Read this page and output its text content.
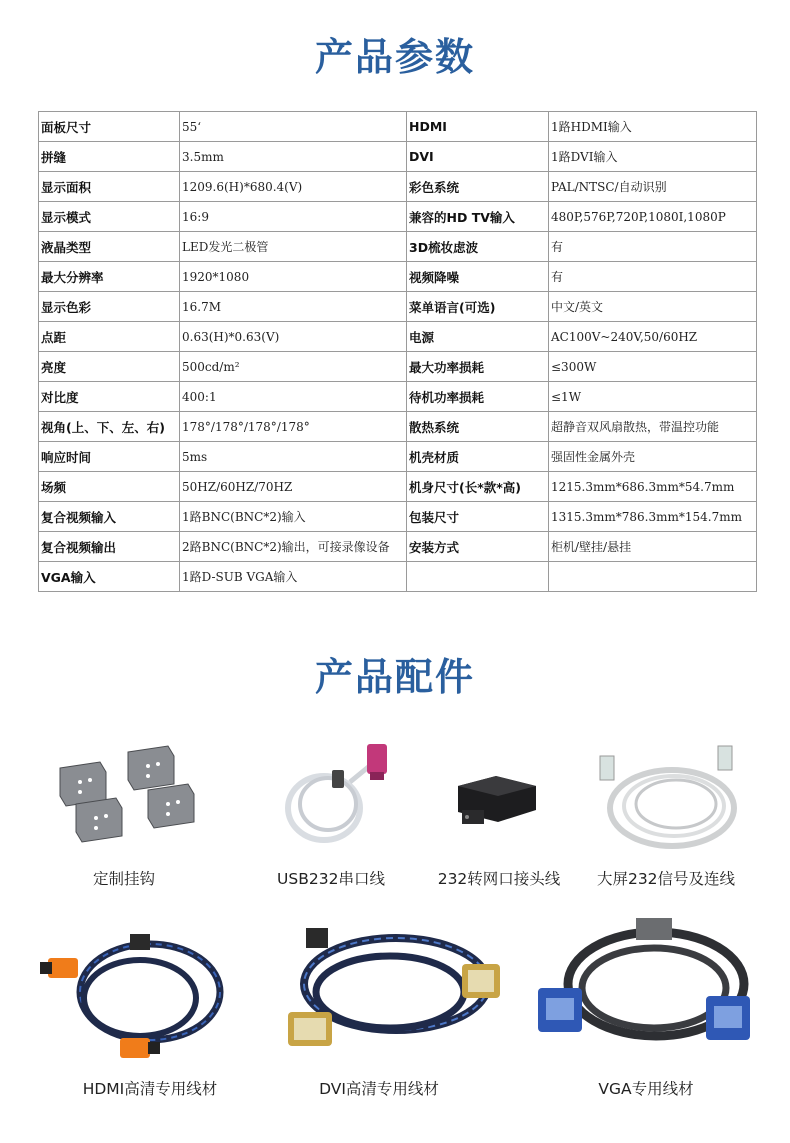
产品参数
面板尺寸	55‘	HDMI	1路HDMI输入
拼缝	3.5mm	DVI	1路DVI输入
显示面积	1209.6(H)*680.4(V)	彩色系统	PAL/NTSC/自动识别
显示模式	16:9	兼容的HD TV输入	480P,576P,720P,1080I,1080P
液晶类型	LED发光二极管	3D梳妆虑波	有
最大分辨率	1920*1080	视频降噪	有
显示色彩	16.7M	菜单语言(可选)	中文/英文
点距	0.63(H)*0.63(V)	电源	AC100V~240V,50/60HZ
亮度	500cd/m²	最大功率损耗	≤300W
对比度	400:1	待机功率损耗	≤1W
视角(上、下、左、右)	178°/178°/178°/178°	散热系统	超静音双风扇散热，带温控功能
响应时间	5ms	机壳材质	强固性金属外壳
场频	50HZ/60HZ/70HZ	机身尺寸(长*款*高)	1215.3mm*686.3mm*54.7mm
复合视频输入	1路BNC(BNC*2)输入	包装尺寸	1315.3mm*786.3mm*154.7mm
复合视频输出	2路BNC(BNC*2)输出，可接录像设备	安装方式	柜机/壁挂/悬挂
VGA输入	1路D-SUB VGA输入		
产品配件
定制挂钩	USB232串口线	232转网口接头线	大屏232信号及连线
HDMI高清专用线材	DVI高清专用线材	VGA专用线材
